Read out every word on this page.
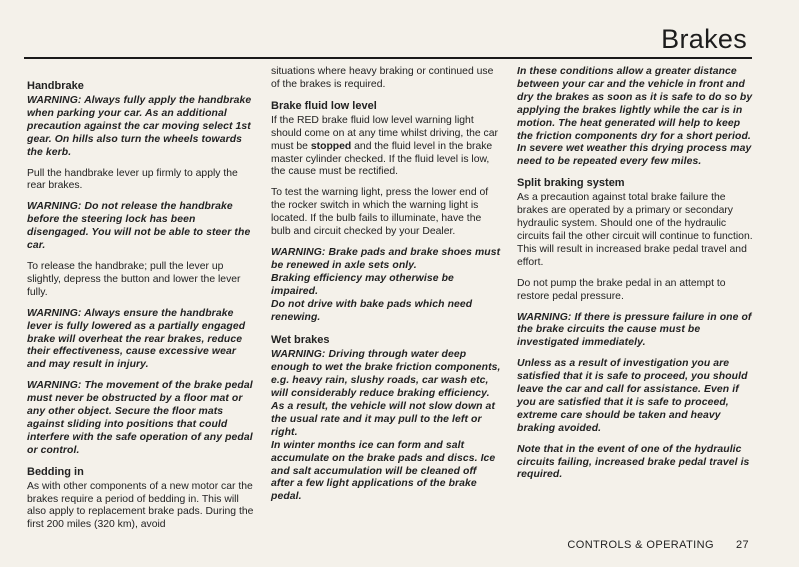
Brakes
Handbrake

WARNING: Always fully apply the handbrake when parking your car. As an additional precaution against the car moving select 1st gear. On hills also turn the wheels towards the kerb.

Pull the handbrake lever up firmly to apply the rear brakes.

WARNING: Do not release the handbrake before the steering lock has been disengaged. You will not be able to steer the car.

To release the handbrake; pull the lever up slightly, depress the button and lower the lever fully.

WARNING: Always ensure the handbrake lever is fully lowered as a partially engaged brake will overheat the rear brakes, reduce their effectiveness, cause excessive wear and may result in injury.

WARNING: The movement of the brake pedal must never be obstructed by a floor mat or any other object. Secure the floor mats against sliding into positions that could interfere with the safe operation of any pedal or control.

Bedding in

As with other components of a new motor car the brakes require a period of bedding in. This will also apply to replacement brake pads. During the first 200 miles (320 km), avoid

situations where heavy braking or continued use of the brakes is required.

Brake fluid low level

If the RED brake fluid low level warning light should come on at any time whilst driving, the car must be stopped and the fluid level in the brake master cylinder checked. If the fluid level is low, the cause must be rectified.

To test the warning light, press the lower end of the rocker switch in which the warning light is located. If the bulb fails to illuminate, have the bulb and circuit checked by your Dealer.

WARNING: Brake pads and brake shoes must be renewed in axle sets only.

Braking efficiency may otherwise be impaired.

Do not drive with bake pads which need renewing.

Wet brakes

WARNING: Driving through water deep enough to wet the brake friction components, e.g. heavy rain, slushy roads, car wash etc, will considerably reduce braking efficiency. As a result, the vehicle will not slow down at the usual rate and it may pull to the left or right.

In winter months ice can form and salt accumulate on the brake pads and discs. Ice and salt accumulation will be cleaned off after a few light applications of the brake pedal.

In these conditions allow a greater distance between your car and the vehicle in front and dry the brakes as soon as it is safe to do so by applying the brakes lightly while the car is in motion. The heat generated will help to keep the friction components dry for a short period. In severe wet weather this drying process may need to be repeated every few miles.

Split braking system

As a precaution against total brake failure the brakes are operated by a primary or secondary hydraulic system. Should one of the hydraulic circuits fail the other circuit will continue to function. This will result in increased brake pedal travel and effort.

Do not pump the brake pedal in an attempt to restore pedal pressure.

WARNING: If there is pressure failure in one of the brake circuits the cause must be investigated immediately.

Unless as a result of investigation you are satisfied that it is safe to proceed, you should leave the car and call for assistance. Even if you are satisfied that it is safe to proceed, extreme care should be taken and heavy braking avoided.

Note that in the event of one of the hydraulic circuits failing, increased brake pedal travel is required.

CONTROLS & OPERATING 27
